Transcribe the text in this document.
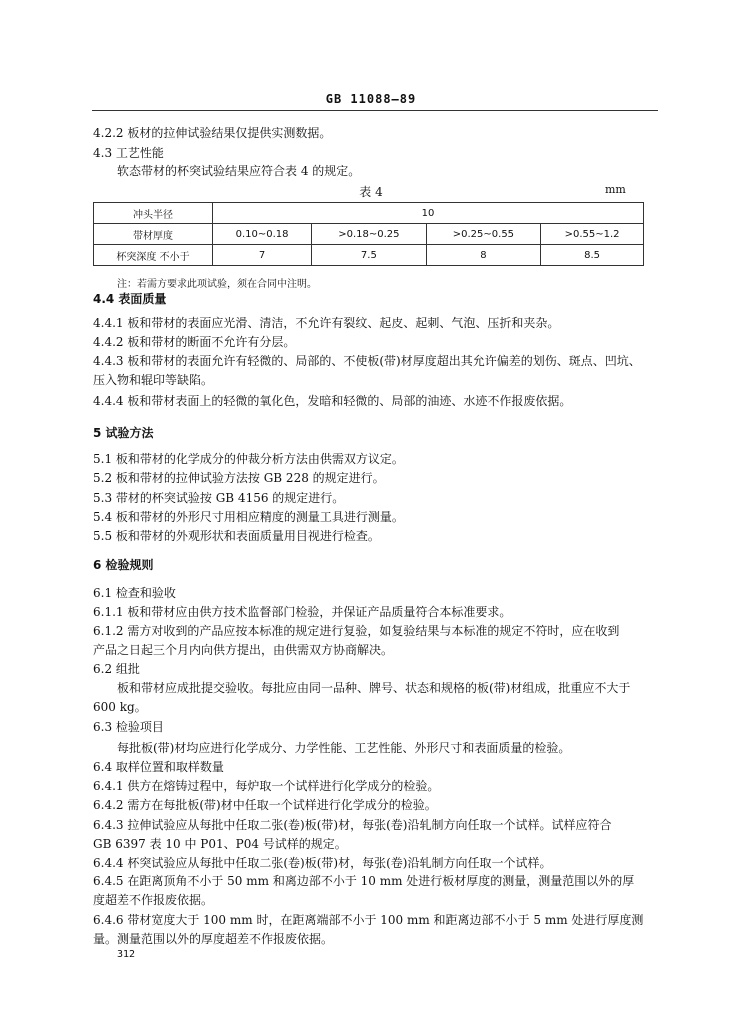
GB 11088—89
4.2.2 板材的拉伸试验结果仅提供实测数据。
4.3 工艺性能
软态带材的杯突试验结果应符合表 4 的规定。
表 4	mm
冲头半径	10			
带材厚度	0.10~0.18	>0.18~0.25	>0.25~0.55	>0.55~1.2
杯突深度 不小于	7	7.5	8	8.5
注：若需方要求此项试验，须在合同中注明。
4.4 表面质量
4.4.1 板和带材的表面应光滑、清洁，不允许有裂纹、起皮、起刺、气泡、压折和夹杂。
4.4.2 板和带材的断面不允许有分层。
4.4.3 板和带材的表面允许有轻微的、局部的、不使板(带)材厚度超出其允许偏差的划伤、斑点、凹坑、
压入物和辊印等缺陷。
4.4.4 板和带材表面上的轻微的氧化色，发暗和轻微的、局部的油迹、水迹不作报废依据。
5 试验方法
5.1 板和带材的化学成分的仲裁分析方法由供需双方议定。
5.2 板和带材的拉伸试验方法按 GB 228 的规定进行。
5.3 带材的杯突试验按 GB 4156 的规定进行。
5.4 板和带材的外形尺寸用相应精度的测量工具进行测量。
5.5 板和带材的外观形状和表面质量用目视进行检查。
6 检验规则
6.1 检查和验收
6.1.1 板和带材应由供方技术监督部门检验，并保证产品质量符合本标准要求。
6.1.2 需方对收到的产品应按本标准的规定进行复验，如复验结果与本标准的规定不符时，应在收到
产品之日起三个月内向供方提出，由供需双方协商解决。
6.2 组批
板和带材应成批提交验收。每批应由同一品种、牌号、状态和规格的板(带)材组成，批重应不大于
600 kg。
6.3 检验项目
每批板(带)材均应进行化学成分、力学性能、工艺性能、外形尺寸和表面质量的检验。
6.4 取样位置和取样数量
6.4.1 供方在熔铸过程中，每炉取一个试样进行化学成分的检验。
6.4.2 需方在每批板(带)材中任取一个试样进行化学成分的检验。
6.4.3 拉伸试验应从每批中任取二张(卷)板(带)材，每张(卷)沿轧制方向任取一个试样。试样应符合
GB 6397 表 10 中 P01、P04 号试样的规定。
6.4.4 杯突试验应从每批中任取二张(卷)板(带)材，每张(卷)沿轧制方向任取一个试样。
6.4.5 在距离顶角不小于 50 mm 和离边部不小于 10 mm 处进行板材厚度的测量，测量范围以外的厚
度超差不作报废依据。
6.4.6 带材宽度大于 100 mm 时，在距离端部不小于 100 mm 和距离边部不小于 5 mm 处进行厚度测
量。测量范围以外的厚度超差不作报废依据。
312
